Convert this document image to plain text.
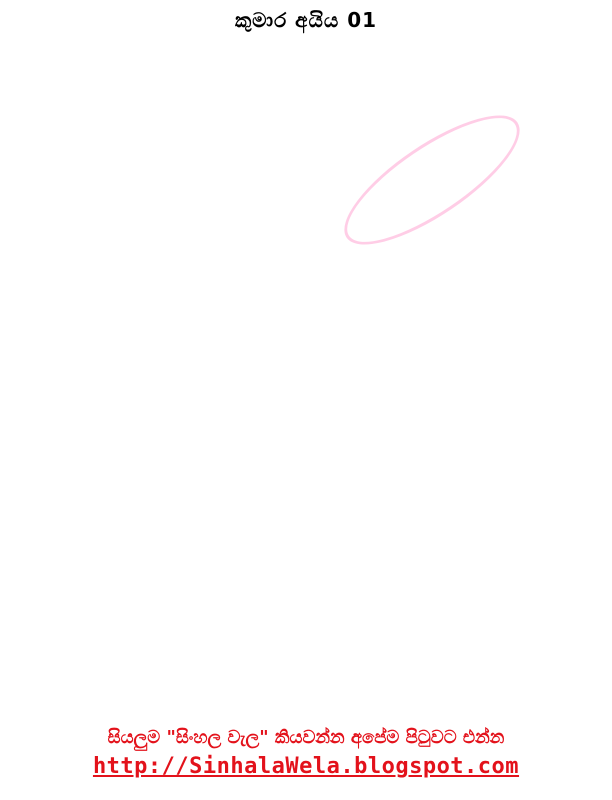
කුමාර අයිය 01
සියලුම "සිංහල වැල" කියවන්න අපේම පිටුවට එන්න
http://SinhalaWela.blogspot.com
